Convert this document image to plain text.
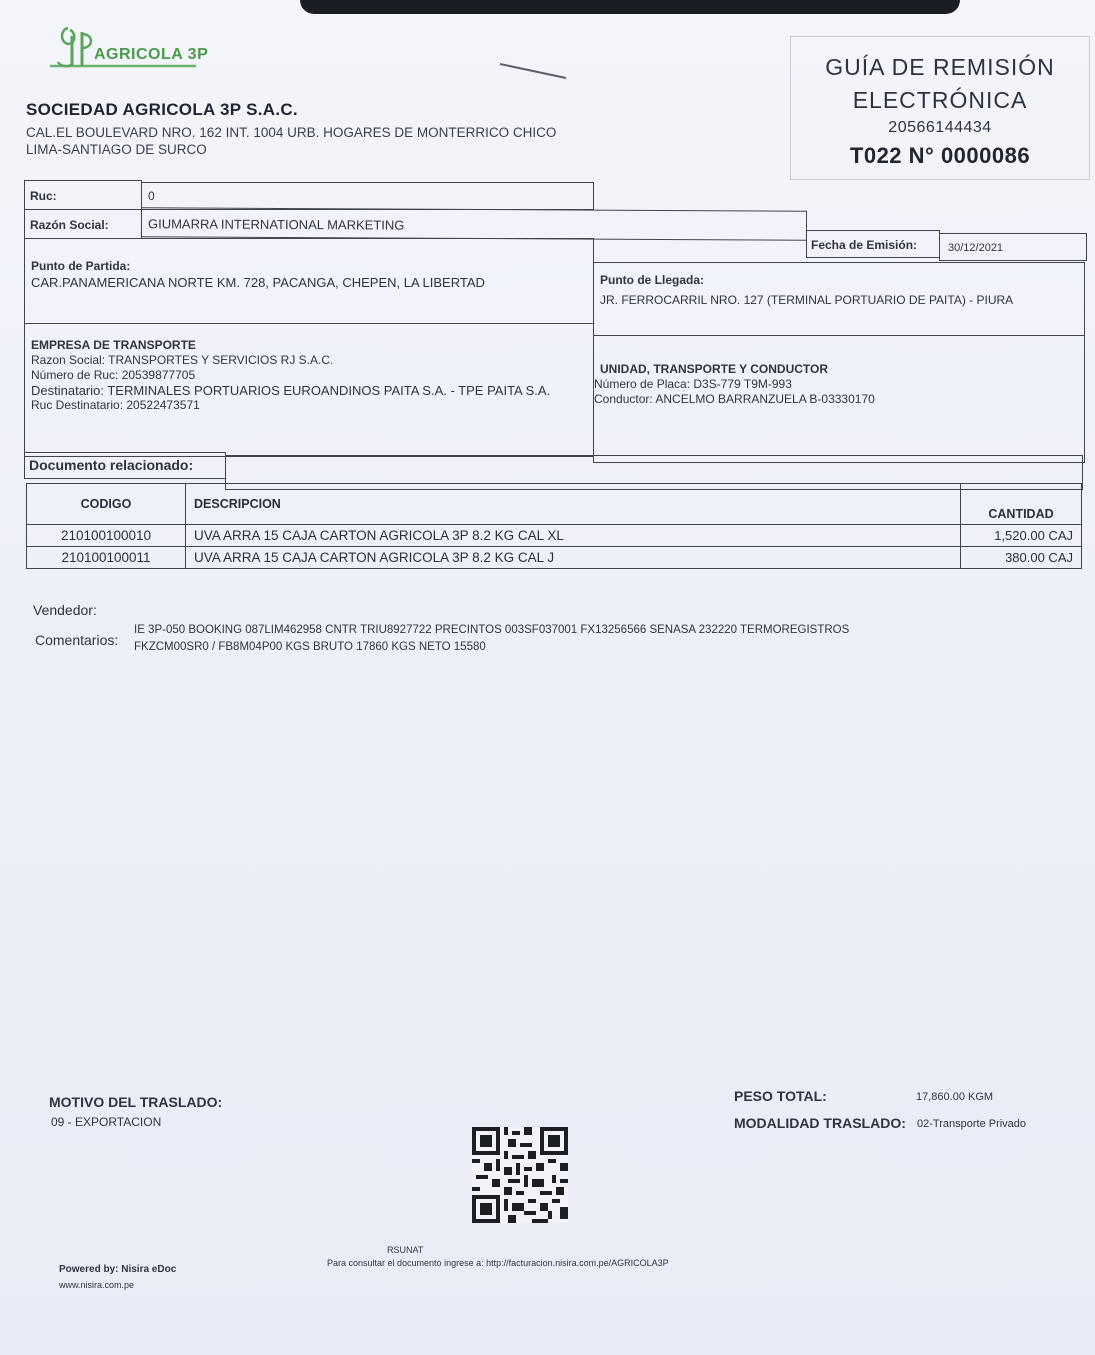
AGRICOLA 3P
SOCIEDAD AGRICOLA 3P S.A.C.
CAL.EL BOULEVARD NRO. 162 INT. 1004 URB. HOGARES DE MONTERRICO CHICO
LIMA-SANTIAGO DE SURCO
GUÍA DE REMISIÓN
ELECTRÓNICA
20566144434
T022 N° 0000086
Ruc:	0
Razón Social:	GIUMARRA INTERNATIONAL MARKETING
Fecha de Emisión:	30/12/2021
Punto de Partida:
CAR.PANAMERICANA NORTE KM. 728, PACANGA, CHEPEN, LA LIBERTAD	Punto de Llegada:
JR. FERROCARRIL NRO. 127 (TERMINAL PORTUARIO DE PAITA) - PIURA
EMPRESA DE TRANSPORTE
Razon Social: TRANSPORTES Y SERVICIOS RJ S.A.C.
Número de Ruc: 20539877705
Destinatario: TERMINALES PORTUARIOS EUROANDINOS PAITA S.A. - TPE PAITA S.A.
Ruc Destinatario: 20522473571
UNIDAD, TRANSPORTE Y CONDUCTOR
Número de Placa: D3S-779 T9M-993
Conductor: ANCELMO BARRANZUELA B-03330170
Documento relacionado:
CODIGO	DESCRIPCION	CANTIDAD
210100100010	UVA ARRA 15 CAJA CARTON AGRICOLA 3P 8.2 KG CAL XL	1,520.00 CAJ
210100100011	UVA ARRA 15 CAJA CARTON AGRICOLA 3P 8.2 KG CAL J	380.00 CAJ
Vendedor:
Comentarios:
IE 3P-050 BOOKING 087LIM462958 CNTR TRIU8927722 PRECINTOS 003SF037001 FX13256566 SENASA 232220 TERMOREGISTROS
FKZCM00SR0 / FB8M04P00 KGS BRUTO 17860 KGS NETO 15580
MOTIVO DEL TRASLADO:
09 - EXPORTACION
PESO TOTAL:	17,860.00 KGM
MODALIDAD TRASLADO: 02-Transporte Privado
RSUNAT
Para consultar el documento ingrese a: http://facturacion.nisira.com.pe/AGRICOLA3P
Powered by: Nisira eDoc
www.nisira.com.pe
